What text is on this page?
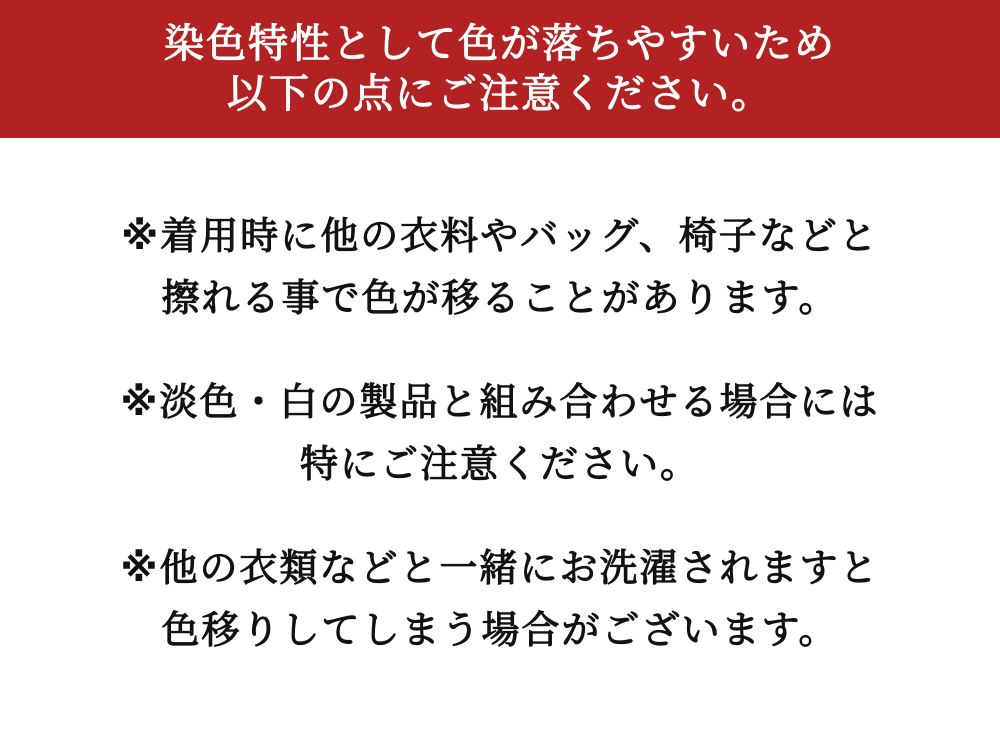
染色特性として色が落ちやすいため
以下の点にご注意ください。
※着用時に他の衣料やバッグ、椅子などと
擦れる事で色が移ることがあります。
※淡色・白の製品と組み合わせる場合には
特にご注意ください。
※他の衣類などと一緒にお洗濯されますと
色移りしてしまう場合がございます。
